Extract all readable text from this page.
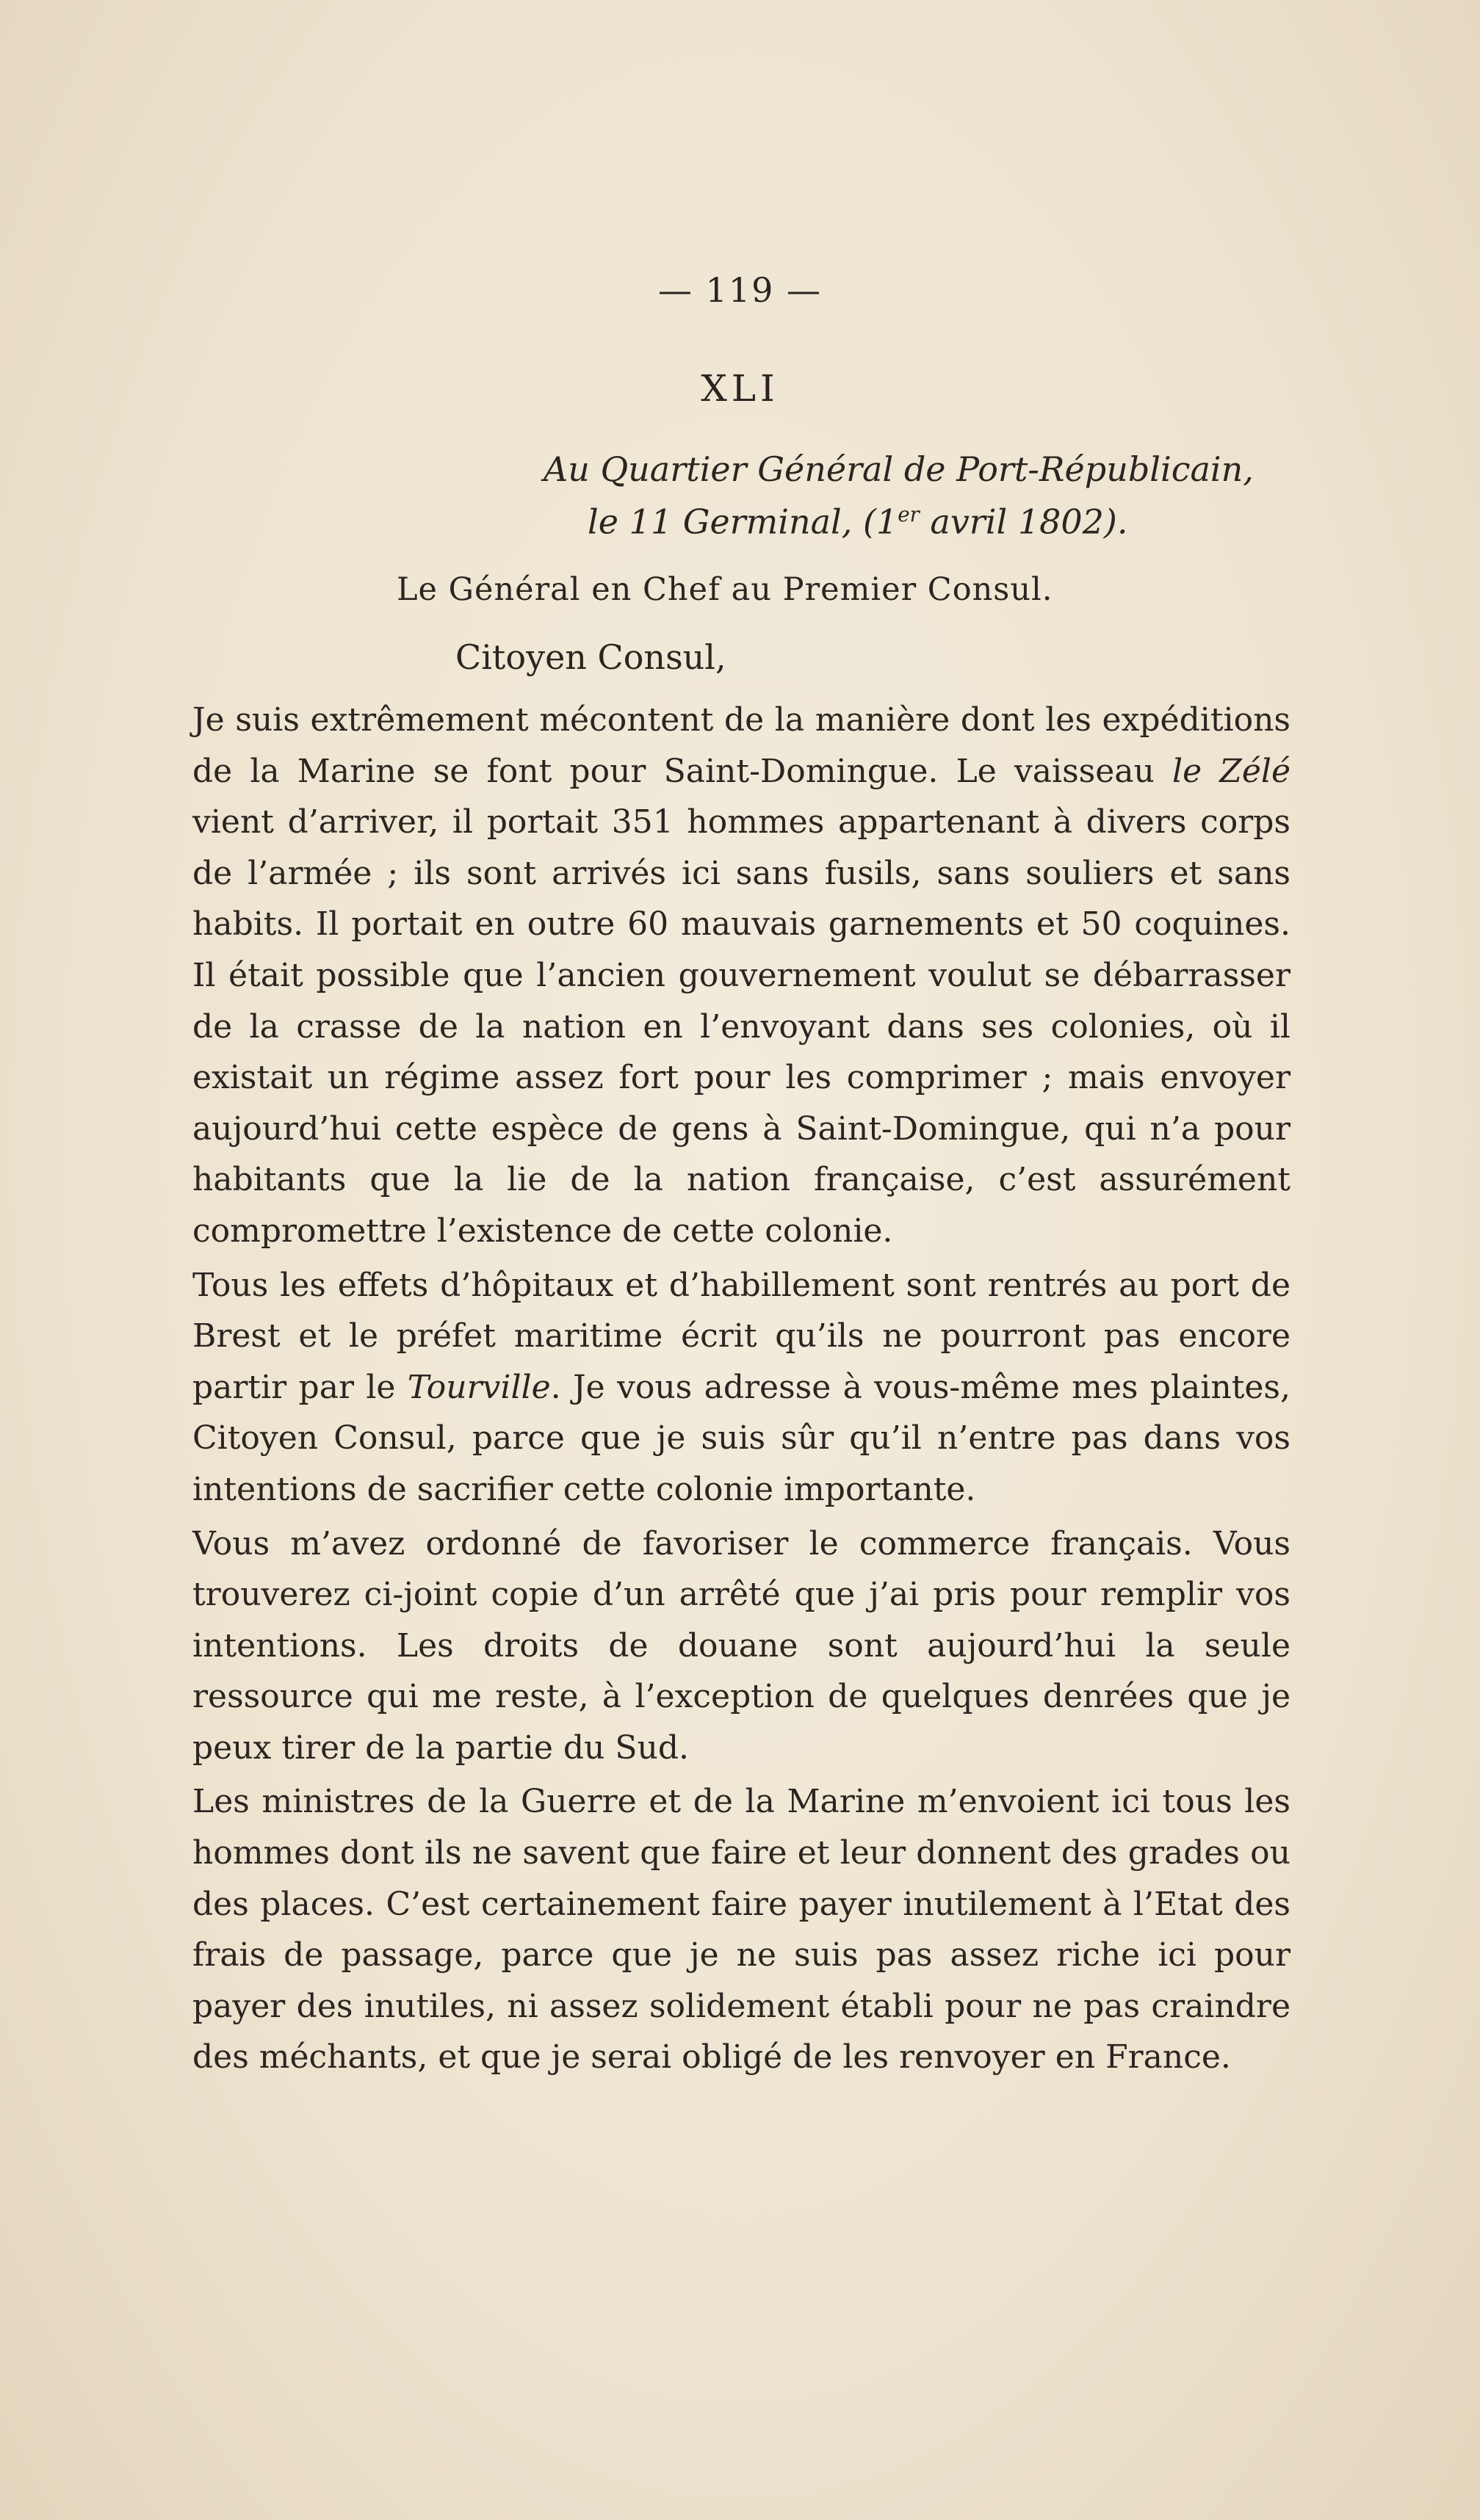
— 119 —
XLI
Au Quartier Général de Port-Républicain,
le 11 Germinal, (1er avril 1802).
Le Général en Chef au Premier Consul.
Citoyen Consul,

Je suis extrêmement mécontent de la manière dont les expéditions de la Marine se font pour Saint-Domingue. Le vaisseau le Zélé vient d’arriver, il portait 351 hommes appartenant à divers corps de l’armée ; ils sont arrivés ici sans fusils, sans souliers et sans habits. Il portait en outre 60 mauvais garnements et 50 coquines. Il était possible que l’ancien gouvernement voulut se débarrasser de la crasse de la nation en l’envoyant dans ses colonies, où il existait un régime assez fort pour les comprimer ; mais envoyer aujourd’hui cette espèce de gens à Saint-Domingue, qui n’a pour habitants que la lie de la nation française, c’est assurément compromettre l’existence de cette colonie.

Tous les effets d’hôpitaux et d’habillement sont rentrés au port de Brest et le préfet maritime écrit qu’ils ne pourront pas encore partir par le Tourville. Je vous adresse à vous-même mes plaintes, Citoyen Consul, parce que je suis sûr qu’il n’entre pas dans vos intentions de sacrifier cette colonie importante.

Vous m’avez ordonné de favoriser le commerce français. Vous trouverez ci-joint copie d’un arrêté que j’ai pris pour remplir vos intentions. Les droits de douane sont aujourd’hui la seule ressource qui me reste, à l’exception de quelques denrées que je peux tirer de la partie du Sud.

Les ministres de la Guerre et de la Marine m’envoient ici tous les hommes dont ils ne savent que faire et leur donnent des grades ou des places. C’est certainement faire payer inutilement à l’Etat des frais de passage, parce que je ne suis pas assez riche ici pour payer des inutiles, ni assez solidement établi pour ne pas craindre des méchants, et que je serai obligé de les renvoyer en France.
